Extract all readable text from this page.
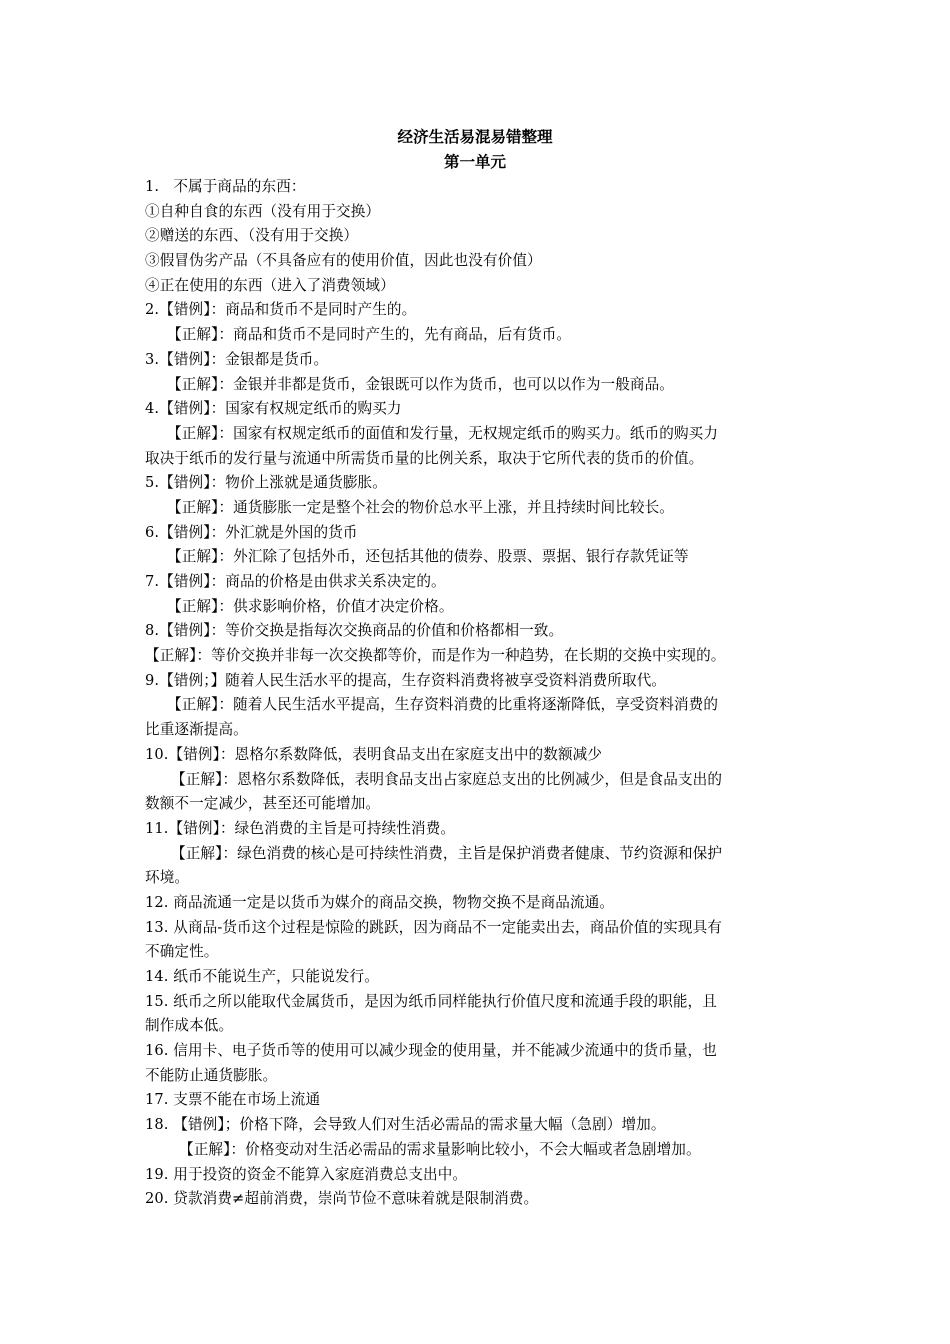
经济生活易混易错整理
第一单元
1.   不属于商品的东西：
①自种自食的东西（没有用于交换）
②赠送的东西、（没有用于交换）
③假冒伪劣产品（不具备应有的使用价值，因此也没有价值）
④正在使用的东西（进入了消费领域）
2.【错例】：商品和货币不是同时产生的。
【正解】：商品和货币不是同时产生的，先有商品，后有货币。
3.【错例】：金银都是货币。
【正解】：金银并非都是货币，金银既可以作为货币，也可以以作为一般商品。
4.【错例】：国家有权规定纸币的购买力
【正解】：国家有权规定纸币的面值和发行量，无权规定纸币的购买力。纸币的购买力
取决于纸币的发行量与流通中所需货币量的比例关系，取决于它所代表的货币的价值。
5.【错例】：物价上涨就是通货膨胀。
【正解】：通货膨胀一定是整个社会的物价总水平上涨，并且持续时间比较长。
6.【错例】：外汇就是外国的货币
【正解】：外汇除了包括外币，还包括其他的债券、股票、票据、银行存款凭证等
7.【错例】：商品的价格是由供求关系决定的。
【正解】：供求影响价格，价值才决定价格。
8.【错例】：等价交换是指每次交换商品的价值和价格都相一致。
【正解】：等价交换并非每一次交换都等价，而是作为一种趋势，在长期的交换中实现的。
9.【错例；】随着人民生活水平的提高，生存资料消费将被享受资料消费所取代。
【正解】：随着人民生活水平提高，生存资料消费的比重将逐渐降低，享受资料消费的
比重逐渐提高。
10.【错例】：恩格尔系数降低，表明食品支出在家庭支出中的数额减少
【正解】：恩格尔系数降低，表明食品支出占家庭总支出的比例减少，但是食品支出的
数额不一定减少，甚至还可能增加。
11.【错例】：绿色消费的主旨是可持续性消费。
【正解】：绿色消费的核心是可持续性消费，主旨是保护消费者健康、节约资源和保护
环境。
12. 商品流通一定是以货币为媒介的商品交换，物物交换不是商品流通。
13. 从商品-货币这个过程是惊险的跳跃，因为商品不一定能卖出去，商品价值的实现具有
不确定性。
14. 纸币不能说生产，只能说发行。
15. 纸币之所以能取代金属货币，是因为纸币同样能执行价值尺度和流通手段的职能，且
制作成本低。
16. 信用卡、电子货币等的使用可以减少现金的使用量，并不能减少流通中的货币量，也
不能防止通货膨胀。
17. 支票不能在市场上流通
18. 【错例】；价格下降，会导致人们对生活必需品的需求量大幅（急剧）增加。
【正解】：价格变动对生活必需品的需求量影响比较小，不会大幅或者急剧增加。
19. 用于投资的资金不能算入家庭消费总支出中。
20. 贷款消费≠超前消费，崇尚节俭不意味着就是限制消费。
